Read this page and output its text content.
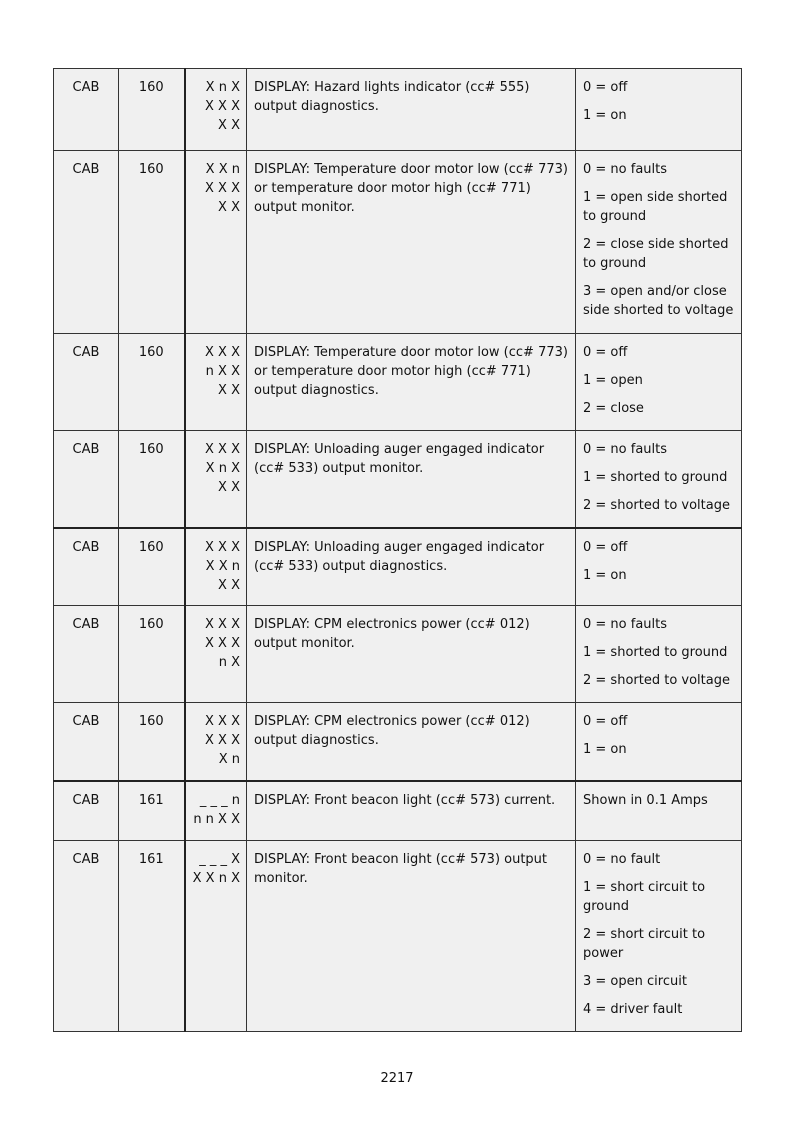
CAB	160	X n X
X X X
X X	DISPLAY: Hazard lights indicator (cc# 555) output diagnostics.	0 = off
1 = on

CAB	160	X X n
X X X
X X	DISPLAY: Temperature door motor low (cc# 773) or temperature door motor high (cc# 771) output monitor.	0 = no faults
1 = open side shorted to ground
2 = close side shorted to ground
3 = open and/or close side shorted to voltage

CAB	160	X X X
n X X
X X	DISPLAY: Temperature door motor low (cc# 773) or temperature door motor high (cc# 771) output diagnostics.	0 = off
1 = open
2 = close

CAB	160	X X X
X n X
X X	DISPLAY: Unloading auger engaged indicator (cc# 533) output monitor.	0 = no faults
1 = shorted to ground
2 = shorted to voltage

CAB	160	X X X
X X n
X X	DISPLAY: Unloading auger engaged indicator (cc# 533) output diagnostics.	0 = off
1 = on

CAB	160	X X X
X X X
n X	DISPLAY: CPM electronics power (cc# 012) output monitor.	0 = no faults
1 = shorted to ground
2 = shorted to voltage

CAB	160	X X X
X X X
X n	DISPLAY: CPM electronics power (cc# 012) output diagnostics.	0 = off
1 = on

CAB	161	_ _ _ n
n n X X	DISPLAY: Front beacon light (cc# 573) current.	Shown in 0.1 Amps

CAB	161	_ _ _ X
X X n X	DISPLAY: Front beacon light (cc# 573) output monitor.	0 = no fault
1 = short circuit to ground
2 = short circuit to power
3 = open circuit
4 = driver fault
2217
